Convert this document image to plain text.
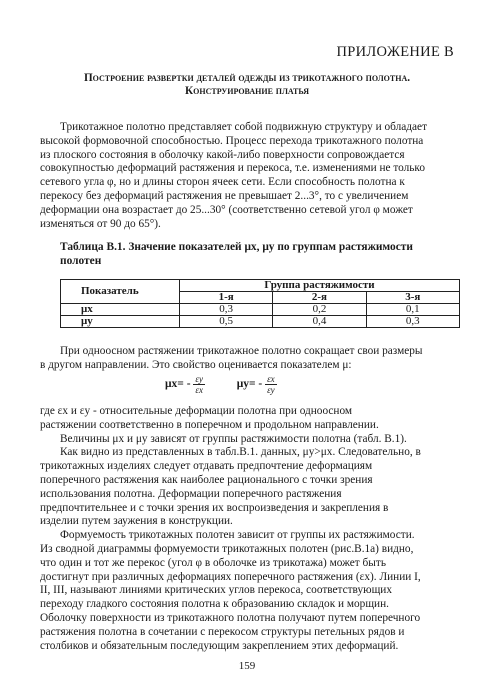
ПРИЛОЖЕНИЕ В
Построение развертки деталей одежды из трикотажного полотна.
Конструирование платья
Трикотажное полотно представляет собой подвижную структуру и обладает
высокой формовочной способностью. Процесс перехода трикотажного полотна
из плоского состояния в оболочку какой-либо поверхности сопровождается
совокупностью деформаций растяжения и перекоса, т.е. изменениями не только
сетевого угла φ, но и длины сторон ячеек сети. Если способность полотна к
перекосу без деформаций растяжения не превышает 2...3°, то с увеличением
деформации она возрастает до 25...30° (соответственно сетевой угол φ может
изменяться от 90 до 65°).
Таблица В.1. Значение показателей μx, μy по группам растяжимости
полотен
Показатель	Группа растяжимости		
	1-я	2-я	3-я
μx	0,3	0,2	0,1
μy	0,5	0,4	0,3
При одноосном растяжении трикотажное полотно сокращает свои размеры
в другом направлении. Это свойство оценивается показателем μ:
$\mu x= - \frac{\varepsilon y}{\varepsilon x}$	$\mu y= - \frac{\varepsilon x}{\varepsilon y}$
где εx и εy - относительные деформации полотна при одноосном
растяжении соответственно в поперечном и продольном направлении.
Величины μx и μy зависят от группы растяжимости полотна (табл. В.1).
Как видно из представленных в табл.В.1. данных, μy>μx. Следовательно, в
трикотажных изделиях следует отдавать предпочтение деформациям
поперечного растяжения как наиболее рационального с точки зрения
использования полотна. Деформации поперечного растяжения
предпочтительнее и с точки зрения их воспроизведения и закрепления в
изделии путем заужения в конструкции.
Формуемость трикотажных полотен зависит от группы их растяжимости.
Из сводной диаграммы формуемости трикотажных полотен (рис.В.1а) видно,
что один и тот же перекос (угол φ в оболочке из трикотажа) может быть
достигнут при различных деформациях поперечного растяжения (εx). Линии I,
II, III, называют линиями критических углов перекоса, соответствующих
переходу гладкого состояния полотна к образованию складок и морщин.
Оболочку поверхности из трикотажного полотна получают путем поперечного
растяжения полотна в сочетании с перекосом структуры петельных рядов и
столбиков и обязательным последующим закреплением этих деформаций.
159
